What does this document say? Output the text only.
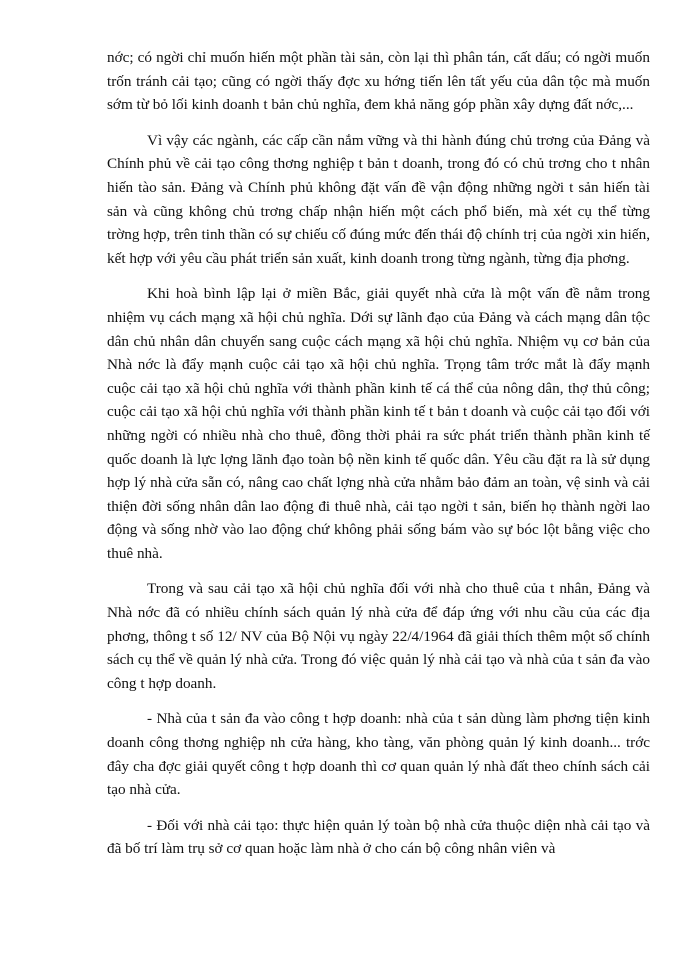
nớc; có ngời chỉ muốn hiến một phần tài sản, còn lại thì phân tán, cất dấu; có ngời muốn trốn tránh cải tạo; cũng có ngời thấy đợc xu hớng tiến lên tất yếu của dân tộc mà muốn sớm từ bỏ lối kinh doanh t bản chủ nghĩa, đem khả năng góp phần xây dựng đất nớc,...

Vì vậy các ngành, các cấp cần nắm vững và thi hành đúng chủ trơng của Đảng và Chính phủ về cải tạo công thơng nghiệp t bản t doanh, trong đó có chủ trơng cho t nhân hiến tào sản. Đảng và Chính phủ không đặt vấn đề vận động những ngời t sản hiến tài sản và cũng không chủ trơng chấp nhận hiến một cách phổ biến, mà xét cụ thể từng trờng hợp, trên tinh thần có sự chiếu cố đúng mức đến thái độ chính trị của ngời xin hiến, kết hợp với yêu cầu phát triển sản xuất, kinh doanh trong từng ngành, từng địa phơng.

Khi hoà bình lập lại ở miền Bắc, giải quyết nhà cửa là một vấn đề nằm trong nhiệm vụ cách mạng xã hội chủ nghĩa. Dới sự lãnh đạo của Đảng và cách mạng dân tộc dân chủ nhân dân chuyển sang cuộc cách mạng xã hội chủ nghĩa. Nhiệm vụ cơ bản của Nhà nớc là đẩy mạnh cuộc cải tạo xã hội chủ nghĩa. Trọng tâm trớc mắt là đẩy mạnh cuộc cải tạo xã hội chủ nghĩa với thành phần kinh tế cá thể của nông dân, thợ thủ công; cuộc cải tạo xã hội chủ nghĩa với thành phần kinh tế t bản t doanh và cuộc cải tạo đối với những ngời có nhiều nhà cho thuê, đồng thời phải ra sức phát triển thành phần kinh tế quốc doanh là lực lợng lãnh đạo toàn bộ nền kinh tế quốc dân. Yêu cầu đặt ra là sử dụng hợp lý nhà cửa sẵn có, nâng cao chất lợng nhà cửa nhằm bảo đảm an toàn, vệ sinh và cải thiện đời sống nhân dân lao động đi thuê nhà, cải tạo ngời t sản, biến họ thành ngời lao động và sống nhờ vào lao động chứ không phải sống bám vào sự bóc lột bằng việc cho thuê nhà.

Trong và sau cải tạo xã hội chủ nghĩa đối với nhà cho thuê của t nhân, Đảng và Nhà nớc đã có nhiều chính sách quản lý nhà cửa để đáp ứng với nhu cầu của các địa phơng, thông t số 12/ NV của Bộ Nội vụ ngày 22/4/1964 đã giải thích thêm một số chính sách cụ thể về quản lý nhà cửa. Trong đó việc quản lý nhà cải tạo và nhà của t sản đa vào công t hợp doanh.

- Nhà của t sản đa vào công t hợp doanh: nhà của t sản dùng làm phơng tiện kinh doanh công thơng nghiệp nh cửa hàng, kho tàng, văn phòng quản lý kinh doanh... trớc đây cha đợc giải quyết công t hợp doanh thì cơ quan quản lý nhà đất theo chính sách cải tạo nhà cửa.

- Đối với nhà cải tạo: thực hiện quản lý toàn bộ nhà cửa thuộc diện nhà cải tạo và đã bố trí làm trụ sở cơ quan hoặc làm nhà ở cho cán bộ công nhân viên và
